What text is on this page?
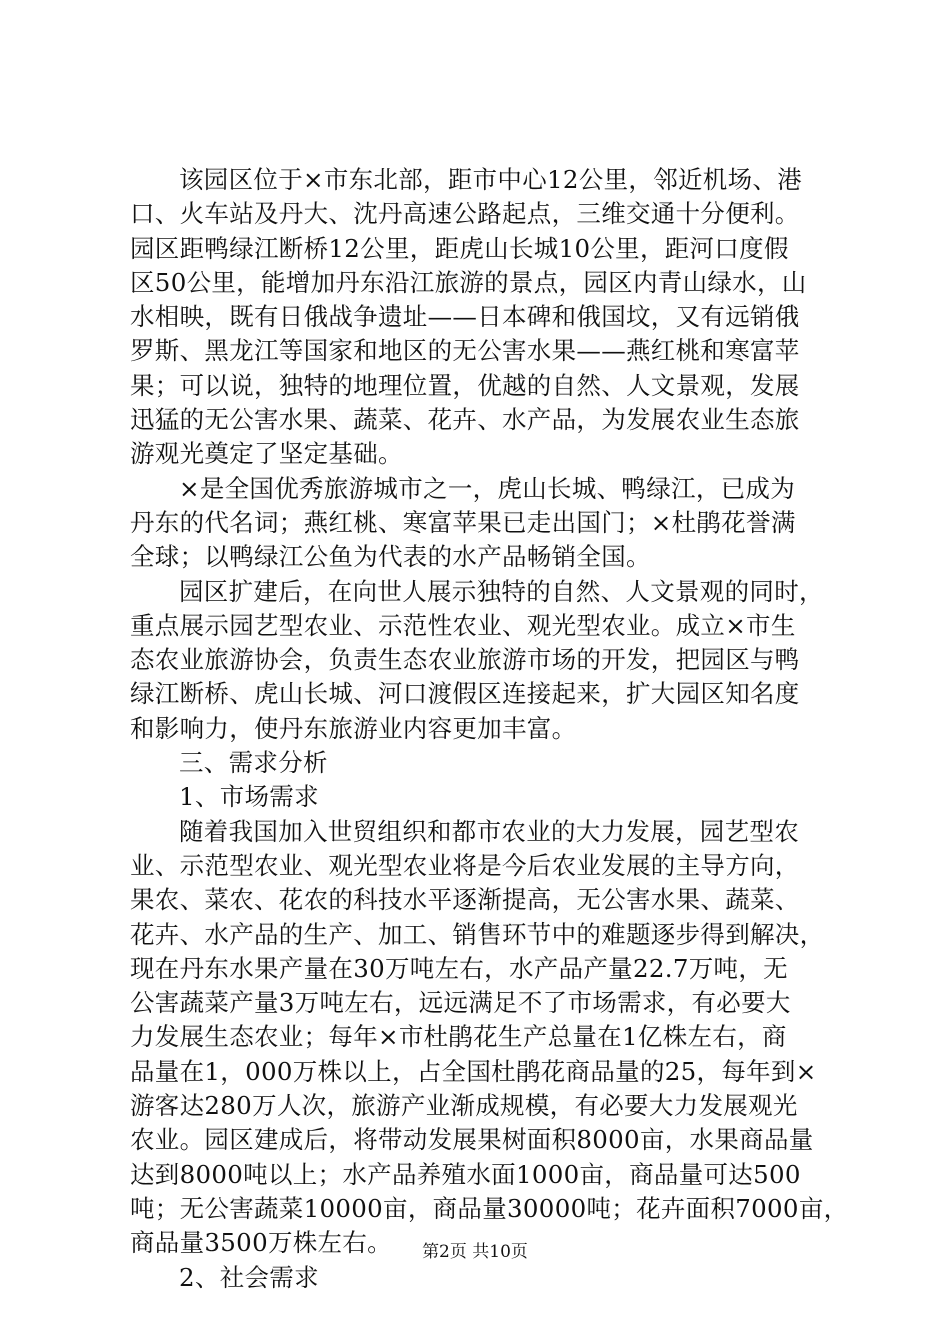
该园区位于×市东北部，距市中心12公里，邻近机场、港
口、火车站及丹大、沈丹高速公路起点，三维交通十分便利。
园区距鸭绿江断桥12公里，距虎山长城10公里，距河口度假
区50公里，能增加丹东沿江旅游的景点，园区内青山绿水，山
水相映，既有日俄战争遗址——日本碑和俄国坟，又有远销俄
罗斯、黑龙江等国家和地区的无公害水果——燕红桃和寒富苹
果；可以说，独特的地理位置，优越的自然、人文景观，发展
迅猛的无公害水果、蔬菜、花卉、水产品，为发展农业生态旅
游观光奠定了坚定基础。
×是全国优秀旅游城市之一，虎山长城、鸭绿江，已成为
丹东的代名词；燕红桃、寒富苹果已走出国门；×杜鹃花誉满
全球；以鸭绿江公鱼为代表的水产品畅销全国。
园区扩建后，在向世人展示独特的自然、人文景观的同时，
重点展示园艺型农业、示范性农业、观光型农业。成立×市生
态农业旅游协会，负责生态农业旅游市场的开发，把园区与鸭
绿江断桥、虎山长城、河口渡假区连接起来，扩大园区知名度
和影响力，使丹东旅游业内容更加丰富。
三、需求分析
1、市场需求
随着我国加入世贸组织和都市农业的大力发展，园艺型农
业、示范型农业、观光型农业将是今后农业发展的主导方向，
果农、菜农、花农的科技水平逐渐提高，无公害水果、蔬菜、
花卉、水产品的生产、加工、销售环节中的难题逐步得到解决，
现在丹东水果产量在30万吨左右，水产品产量22.7万吨，无
公害蔬菜产量3万吨左右，远远满足不了市场需求，有必要大
力发展生态农业；每年×市杜鹃花生产总量在1亿株左右，商
品量在1，000万株以上，占全国杜鹃花商品量的25，每年到×
游客达280万人次，旅游产业渐成规模，有必要大力发展观光
农业。园区建成后，将带动发展果树面积8000亩，水果商品量
达到8000吨以上；水产品养殖水面1000亩，商品量可达500
吨；无公害蔬菜10000亩，商品量30000吨；花卉面积7000亩，
商品量3500万株左右。
2、社会需求
第2页 共10页
